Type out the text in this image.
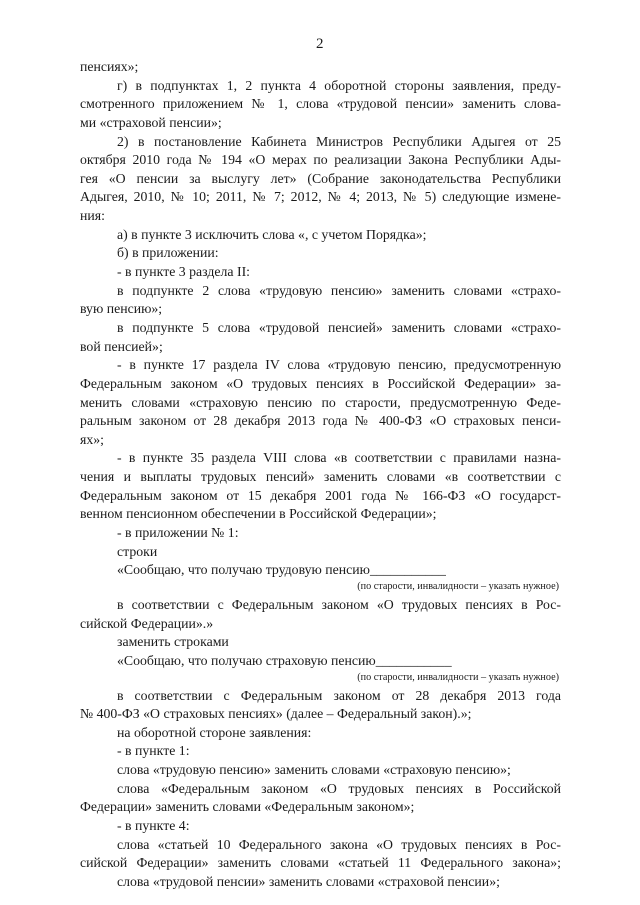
2
пенсиях»;
г) в подпунктах 1, 2 пункта 4 оборотной стороны заявления, преду-
смотренного приложением № 1, слова «трудовой пенсии» заменить слова-
ми «страховой пенсии»;
2) в постановление Кабинета Министров Республики Адыгея от 25
октября 2010 года № 194 «О мерах по реализации Закона Республики Ады-
гея «О пенсии за выслугу лет» (Собрание законодательства Республики
Адыгея, 2010, № 10; 2011, № 7; 2012, № 4; 2013, № 5) следующие измене-
ния:
а) в пункте 3 исключить слова «, с учетом Порядка»;
б) в приложении:
- в пункте 3 раздела II:
в подпункте 2 слова «трудовую пенсию» заменить словами «страхо-
вую пенсию»;
в подпункте 5 слова «трудовой пенсией» заменить словами «страхо-
вой пенсией»;
- в пункте 17 раздела IV слова «трудовую пенсию, предусмотренную
Федеральным законом «О трудовых пенсиях в Российской Федерации» за-
менить словами «страховую пенсию по старости, предусмотренную Феде-
ральным законом от 28 декабря 2013 года № 400-ФЗ «О страховых пенси-
ях»;
- в пункте 35 раздела VIII слова «в соответствии с правилами назна-
чения и выплаты трудовых пенсий» заменить словами «в соответствии с
Федеральным законом от 15 декабря 2001 года № 166-ФЗ «О государст-
венном пенсионном обеспечении в Российской Федерации»;
- в приложении № 1:
строки
«Сообщаю, что получаю трудовую пенсию___________
(по старости, инвалидности – указать нужное)
в соответствии с Федеральным законом «О трудовых пенсиях в Рос-
сийской Федерации».»
заменить строками
«Сообщаю, что получаю страховую пенсию___________
(по старости, инвалидности – указать нужное)
в соответствии с Федеральным законом от 28 декабря 2013 года
№ 400-ФЗ «О страховых пенсиях» (далее – Федеральный закон).»;
на оборотной стороне заявления:
- в пункте 1:
слова «трудовую пенсию» заменить словами «страховую пенсию»;
слова «Федеральным законом «О трудовых пенсиях в Российской
Федерации» заменить словами «Федеральным законом»;
- в пункте 4:
слова «статьей 10 Федерального закона «О трудовых пенсиях в Рос-
сийской Федерации» заменить словами «статьей 11 Федерального закона»;
слова «трудовой пенсии» заменить словами «страховой пенсии»;
